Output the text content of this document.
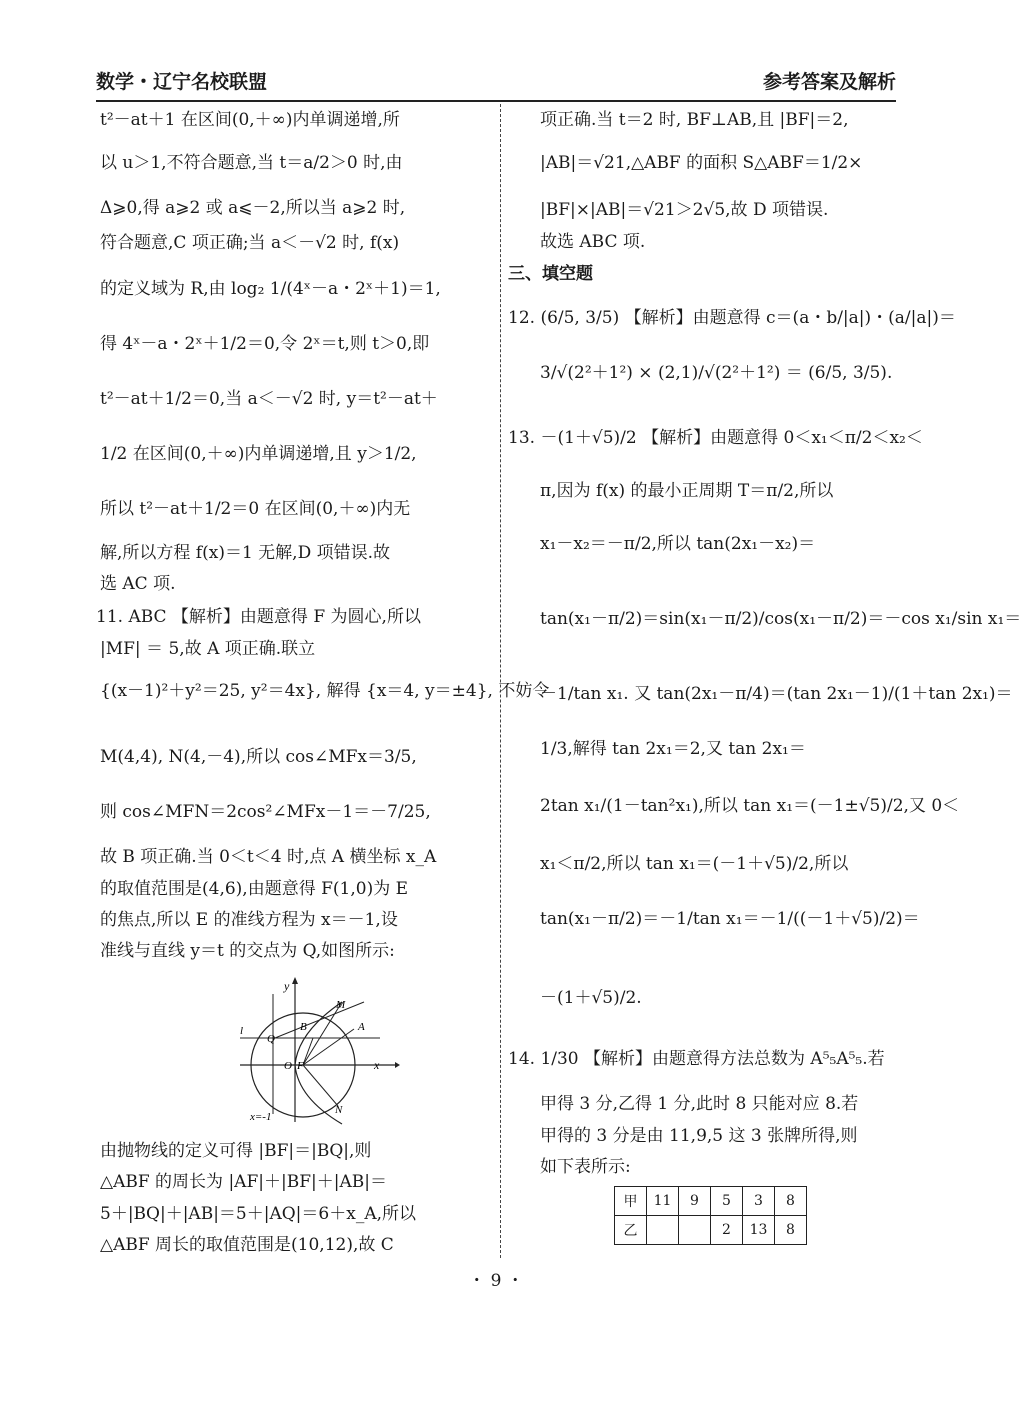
数学・辽宁名校联盟	参考答案及解析
t²－at＋1 在区间(0,＋∞)内单调递增,所
以 u＞1,不符合题意,当 t＝a/2＞0 时,由
Δ⩾0,得 a⩾2 或 a⩽－2,所以当 a⩾2 时,
符合题意,C 项正确;当 a＜－√2 时, f(x)
的定义域为 R,由 log₂ 1/(4ˣ－a・2ˣ＋1)＝1,
得 4ˣ－a・2ˣ＋1/2＝0,令 2ˣ＝t,则 t＞0,即
t²－at＋1/2＝0,当 a＜－√2 时, y＝t²－at＋
1/2 在区间(0,＋∞)内单调递增,且 y＞1/2,
所以 t²－at＋1/2＝0 在区间(0,＋∞)内无
解,所以方程 f(x)＝1 无解,D 项错误.故
选 AC 项.
11. ABC 【解析】由题意得 F 为圆心,所以
|MF| ＝ 5,故 A 项正确.联立
{(x－1)²＋y²＝25, y²＝4x}, 解得 {x＝4, y＝±4}, 不妨令
M(4,4), N(4,－4),所以 cos∠MFx＝3/5,
则 cos∠MFN＝2cos²∠MFx－1＝－7/25,
故 B 项正确.当 0＜t＜4 时,点 A 横坐标 x_A
的取值范围是(4,6),由题意得 F(1,0)为 E
的焦点,所以 E 的准线方程为 x＝－1,设
准线与直线 y＝t 的交点为 Q,如图所示:
由抛物线的定义可得 |BF|＝|BQ|,则
△ABF 的周长为 |AF|＋|BF|＋|AB|＝
5＋|BQ|＋|AB|＝5＋|AQ|＝6＋x_A,所以
△ABF 周长的取值范围是(10,12),故 C
y
x
M
B	A
Q
O F
N
l
x=-1
项正确.当 t＝2 时, BF⊥AB,且 |BF|＝2,
|AB|＝√21,△ABF 的面积 S△ABF＝1/2×
|BF|×|AB|＝√21＞2√5,故 D 项错误.
故选 ABC 项.
三、填空题
12. (6/5, 3/5) 【解析】由题意得 c＝(a・b/|a|)・(a/|a|)＝
3/√(2²＋1²) × (2,1)/√(2²＋1²) ＝ (6/5, 3/5).
13. －(1＋√5)/2 【解析】由题意得 0＜x₁＜π/2＜x₂＜
π,因为 f(x) 的最小正周期 T＝π/2,所以
x₁－x₂＝－π/2,所以 tan(2x₁－x₂)＝
tan(x₁－π/2)＝sin(x₁－π/2)/cos(x₁－π/2)＝－cos x₁/sin x₁＝
－1/tan x₁. 又 tan(2x₁－π/4)＝(tan 2x₁－1)/(1＋tan 2x₁)＝
1/3,解得 tan 2x₁＝2,又 tan 2x₁＝
2tan x₁/(1－tan²x₁),所以 tan x₁＝(－1±√5)/2,又 0＜
x₁＜π/2,所以 tan x₁＝(－1＋√5)/2,所以
tan(x₁－π/2)＝－1/tan x₁＝－1/((－1＋√5)/2)＝
－(1＋√5)/2.
14. 1/30 【解析】由题意得方法总数为 A⁵₅A⁵₅.若
甲得 3 分,乙得 1 分,此时 8 只能对应 8.若
甲得的 3 分是由 11,9,5 这 3 张牌所得,则
如下表所示:
甲	11	9	5	3	8
乙			2	13	8
・ 9 ・
